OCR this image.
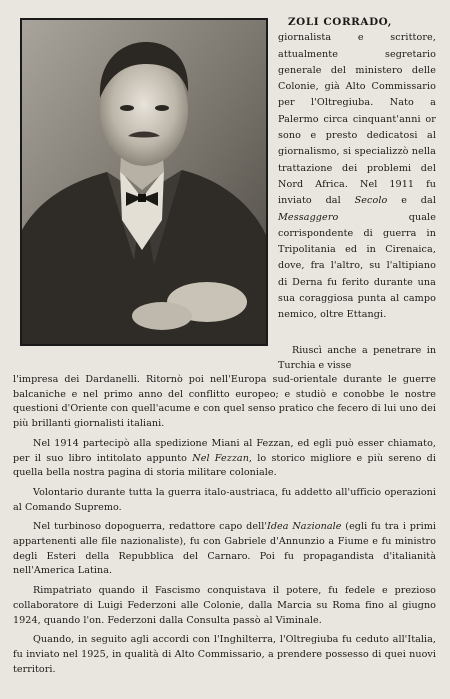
ZOLI CORRADO,

giornalista e scrittore, attualmente segretario generale del ministero delle Colonie, già Alto Commissario per l'Oltregiuba. Nato a Palermo circa cinquant'anni or sono e presto dedicatosi al giornalismo, si specializzò nella trattazione dei problemi del Nord Africa. Nel 1911 fu inviato dal Secolo e dal Messaggero quale corrispondente di guerra in Tripolitania ed in Cirenaica, dove, fra l'altro, su l'altipiano di Derna fu ferito durante una sua coraggiosa punta al campo nemico, oltre Ettangi.

Riuscì anche a penetrare in Turchia e visse

l'impresa dei Dardanelli. Ritornò poi nell'Europa sud-orientale durante le guerre balcaniche e nel primo anno del conflitto europeo; e studiò e conobbe le nostre questioni d'Oriente con quell'acume e con quel senso pratico che fecero di lui uno dei più brillanti giornalisti italiani.

Nel 1914 partecipò alla spedizione Miani al Fezzan, ed egli può esser chiamato, per il suo libro intitolato appunto Nel Fezzan, lo storico migliore e più sereno di quella bella nostra pagina di storia militare coloniale.

Volontario durante tutta la guerra italo-austriaca, fu addetto all'ufficio operazioni al Comando Supremo.

Nel turbinoso dopoguerra, redattore capo dell'Idea Nazionale (egli fu tra i primi appartenenti alle file nazionaliste), fu con Gabriele d'Annunzio a Fiume e fu ministro degli Esteri della Repubblica del Carnaro. Poi fu propagandista d'italianità nell'America Latina.

Rimpatriato quando il Fascismo conquistava il potere, fu fedele e prezioso collaboratore di Luigi Federzoni alle Colonie, dalla Marcia su Roma fino al giugno 1924, quando l'on. Federzoni dalla Consulta passò al Viminale.

Quando, in seguito agli accordi con l'Inghilterra, l'Oltregiuba fu ceduto all'Italia, fu inviato nel 1925, in qualità di Alto Commissario, a prendere possesso di quei nuovi territori.
